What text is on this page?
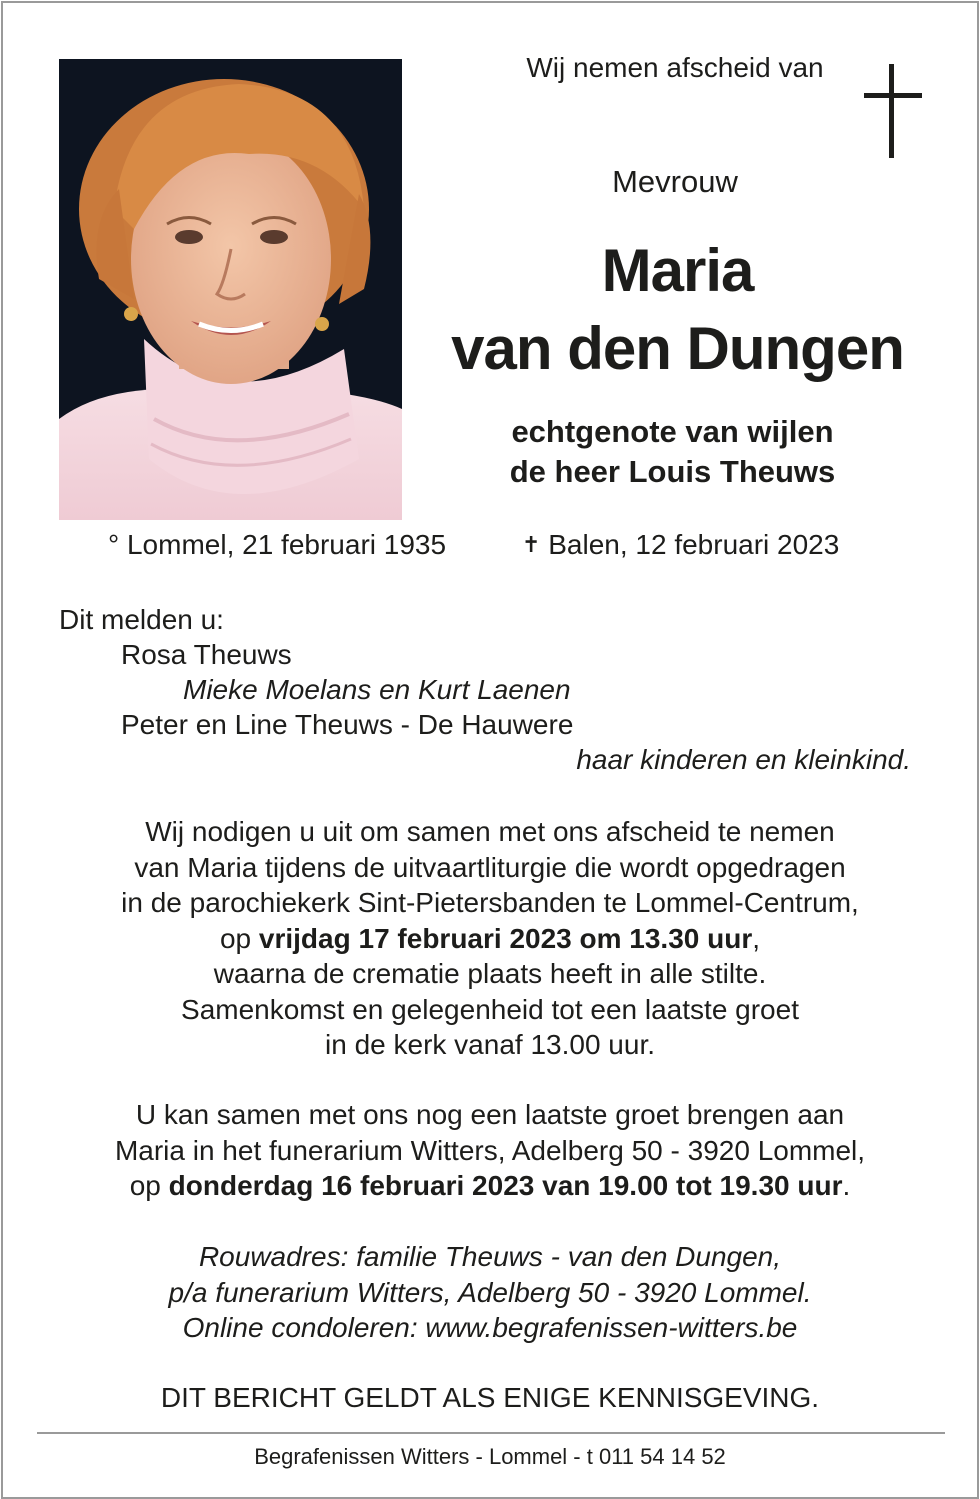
Wij nemen afscheid van
Mevrouw
Maria
van den Dungen
echtgenote van wijlen
de heer Louis Theuws
° Lommel, 21 februari 1935	✝ Balen, 12 februari 2023
Dit melden u:
Rosa Theuws
Mieke Moelans en Kurt Laenen
Peter en Line Theuws - De Hauwere
haar kinderen en kleinkind.
Wij nodigen u uit om samen met ons afscheid te nemen
van Maria tijdens de uitvaartliturgie die wordt opgedragen
in de parochiekerk Sint-Pietersbanden te Lommel-Centrum,
op vrijdag 17 februari 2023 om 13.30 uur,
waarna de crematie plaats heeft in alle stilte.
Samenkomst en gelegenheid tot een laatste groet
in de kerk vanaf 13.00 uur.
U kan samen met ons nog een laatste groet brengen aan
Maria in het funerarium Witters, Adelberg 50 - 3920 Lommel,
op donderdag 16 februari 2023 van 19.00 tot 19.30 uur.
Rouwadres: familie Theuws - van den Dungen,
p/a funerarium Witters, Adelberg 50 - 3920 Lommel.
Online condoleren: www.begrafenissen-witters.be
DIT BERICHT GELDT ALS ENIGE KENNISGEVING.
Begrafenissen Witters - Lommel - t 011 54 14 52
